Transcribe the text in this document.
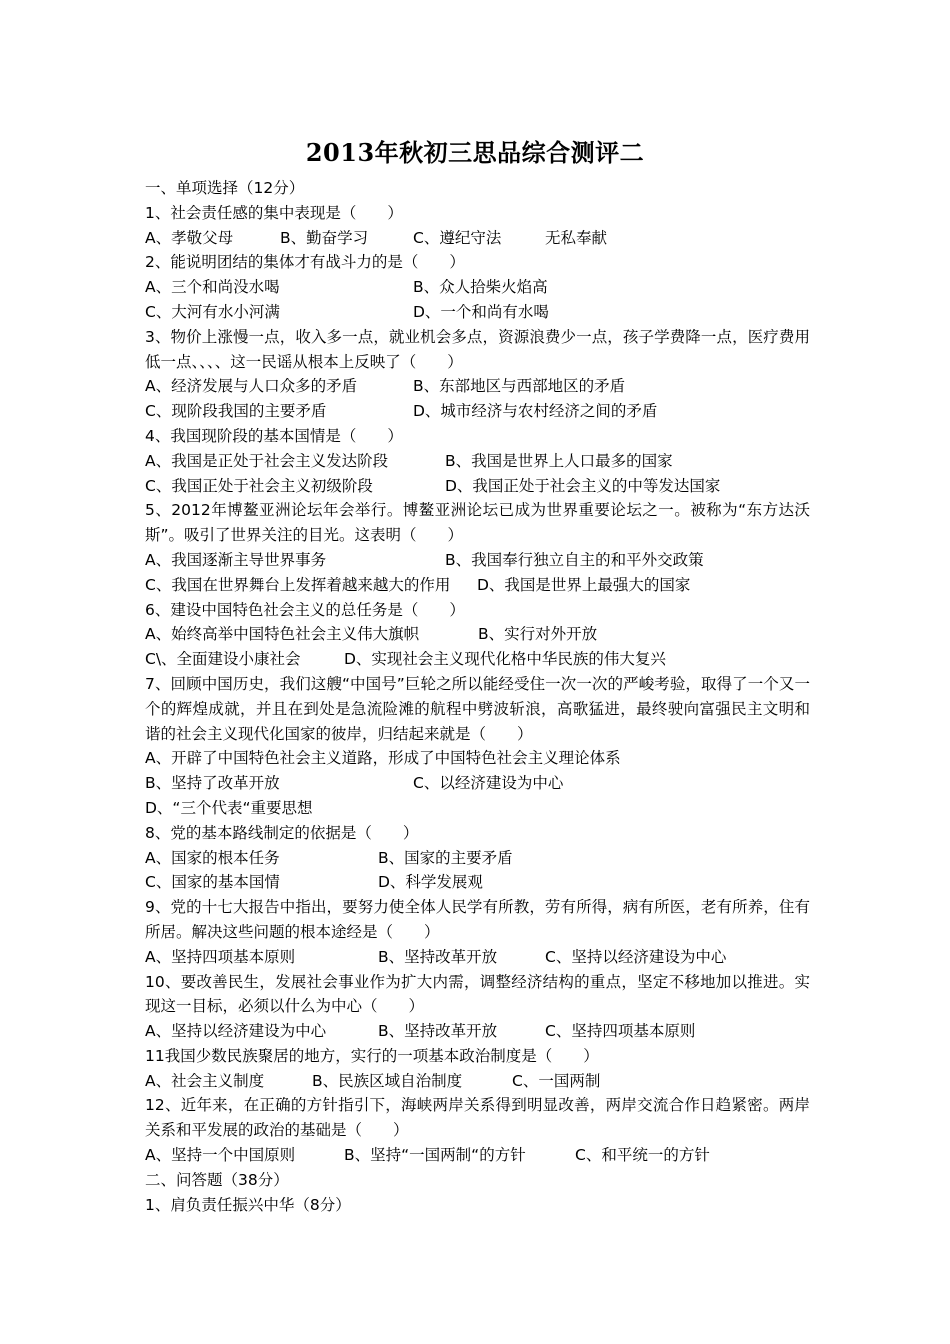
2013年秋初三思品综合测评二
一、单项选择（12分）
1、社会责任感的集中表现是（　　）
A、孝敬父母	B、勤奋学习	C、遵纪守法	无私奉献
2、能说明团结的集体才有战斗力的是（　　）
A、三个和尚没水喝	B、众人拾柴火焰高
C、大河有水小河满	D、一个和尚有水喝
3、物价上涨慢一点，收入多一点，就业机会多点，资源浪费少一点，孩子学费降一点，医疗费用低一点、、、、这一民谣从根本上反映了（　　）
A、经济发展与人口众多的矛盾	B、东部地区与西部地区的矛盾
C、现阶段我国的主要矛盾	D、城市经济与农村经济之间的矛盾
4、我国现阶段的基本国情是（　　）
A、我国是正处于社会主义发达阶段	B、我国是世界上人口最多的国家
C、我国正处于社会主义初级阶段	D、我国正处于社会主义的中等发达国家
5、2012年博鳌亚洲论坛年会举行。博鳌亚洲论坛已成为世界重要论坛之一。被称为“东方达沃斯”。吸引了世界关注的目光。这表明（　　）
A、我国逐渐主导世界事务	B、我国奉行独立自主的和平外交政策
C、我国在世界舞台上发挥着越来越大的作用 D、我国是世界上最强大的国家
6、建设中国特色社会主义的总任务是（　　）
A、始终高举中国特色社会主义伟大旗帜	B、实行对外开放
C\、全面建设小康社会	D、实现社会主义现代化格中华民族的伟大复兴
7、回顾中国历史，我们这艘“中国号”巨轮之所以能经受住一次一次的严峻考验，取得了一个又一个的辉煌成就，并且在到处是急流险滩的航程中劈波斩浪，高歌猛进，最终驶向富强民主文明和谐的社会主义现代化国家的彼岸，归结起来就是（　　）
A、开辟了中国特色社会主义道路，形成了中国特色社会主义理论体系
B、坚持了改革开放	C、以经济建设为中心
D、“三个代表“重要思想
8、党的基本路线制定的依据是（　　）
A、国家的根本任务	B、国家的主要矛盾
C、国家的基本国情	D、科学发展观
9、党的十七大报告中指出，要努力使全体人民学有所教，劳有所得，病有所医，老有所养，住有所居。解决这些问题的根本途经是（　　）
A、坚持四项基本原则	B、坚持改革开放	C、坚持以经济建设为中心
10、要改善民生，发展社会事业作为扩大内需，调整经济结构的重点，坚定不移地加以推进。实现这一目标，必须以什么为中心（　　）
A、坚持以经济建设为中心	B、坚持改革开放	C、坚持四项基本原则
11我国少数民族聚居的地方，实行的一项基本政治制度是（　　）
A、社会主义制度	B、民族区域自治制度	C、一国两制
12、近年来，在正确的方针指引下，海峡两岸关系得到明显改善，两岸交流合作日趋紧密。两岸关系和平发展的政治的基础是（　　）
A、坚持一个中国原则	B、坚持“一国两制“的方针	C、和平统一的方针
二、问答题（38分）
1、肩负责任振兴中华（8分）
